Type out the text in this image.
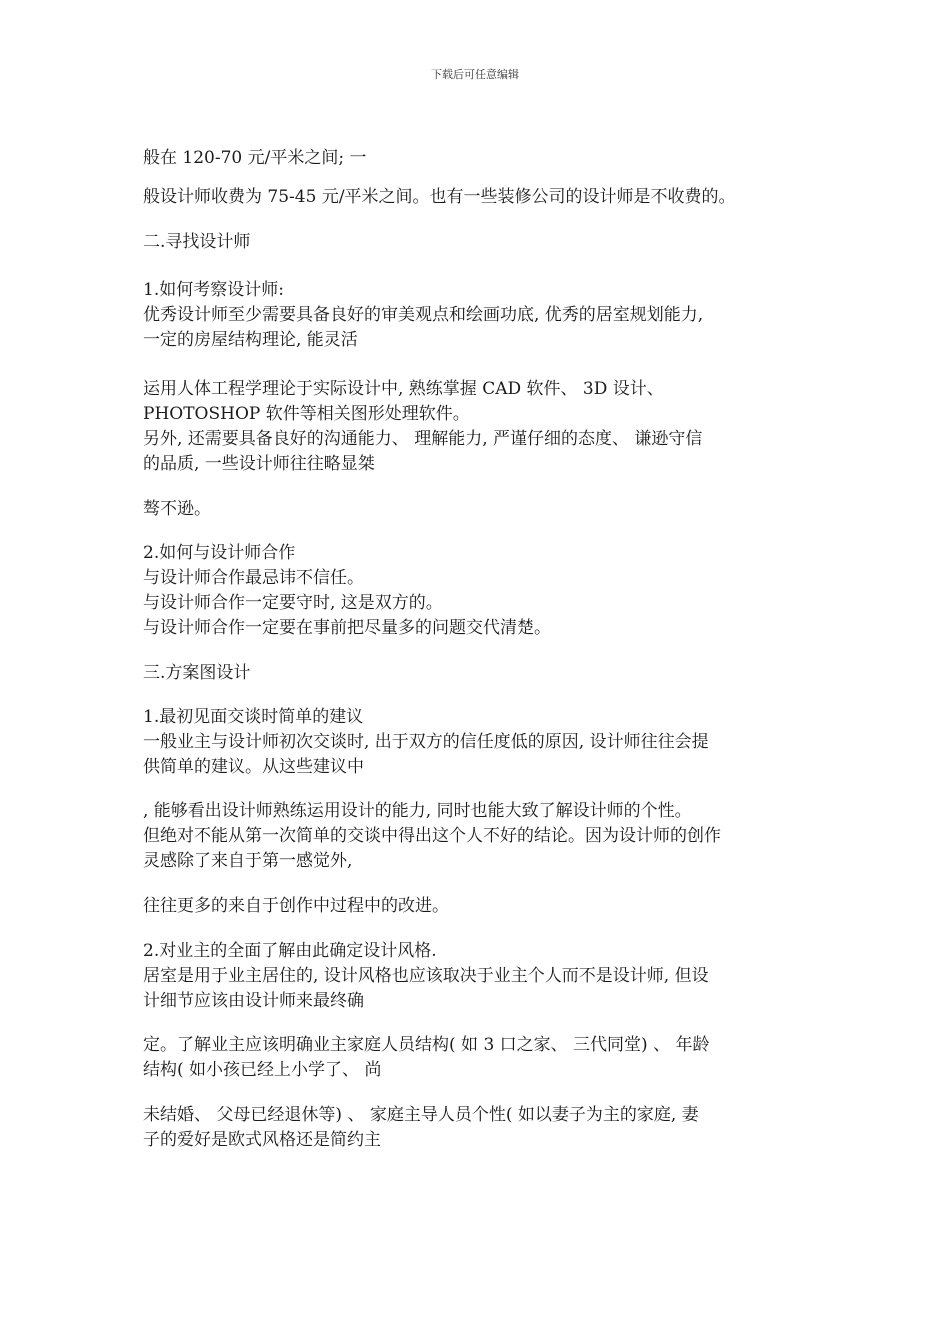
下载后可任意编辑
般在 120-70 元/平米之间; 一
般设计师收费为 75-45 元/平米之间。也有一些装修公司的设计师是不收费的。
二.寻找设计师
1.如何考察设计师:
优秀设计师至少需要具备良好的审美观点和绘画功底, 优秀的居室规划能力,
一定的房屋结构理论, 能灵活
运用人体工程学理论于实际设计中, 熟练掌握 CAD 软件、 3D 设计、
PHOTOSHOP 软件等相关图形处理软件。
另外, 还需要具备良好的沟通能力、 理解能力, 严谨仔细的态度、 谦逊守信
的品质, 一些设计师往往略显桀
骜不逊。
2.如何与设计师合作
与设计师合作最忌讳不信任。
与设计师合作一定要守时, 这是双方的。
与设计师合作一定要在事前把尽量多的问题交代清楚。
三.方案图设计
1.最初见面交谈时简单的建议
一般业主与设计师初次交谈时, 出于双方的信任度低的原因, 设计师往往会提
供简单的建议。从这些建议中
, 能够看出设计师熟练运用设计的能力, 同时也能大致了解设计师的个性。
但绝对不能从第一次简单的交谈中得出这个人不好的结论。因为设计师的创作
灵感除了来自于第一感觉外,
往往更多的来自于创作中过程中的改进。
2.对业主的全面了解由此确定设计风格.
居室是用于业主居住的, 设计风格也应该取决于业主个人而不是设计师, 但设
计细节应该由设计师来最终确
定。了解业主应该明确业主家庭人员结构( 如 3 口之家、 三代同堂) 、 年龄
结构( 如小孩已经上小学了、 尚
未结婚、 父母已经退休等) 、 家庭主导人员个性( 如以妻子为主的家庭, 妻
子的爱好是欧式风格还是简约主
